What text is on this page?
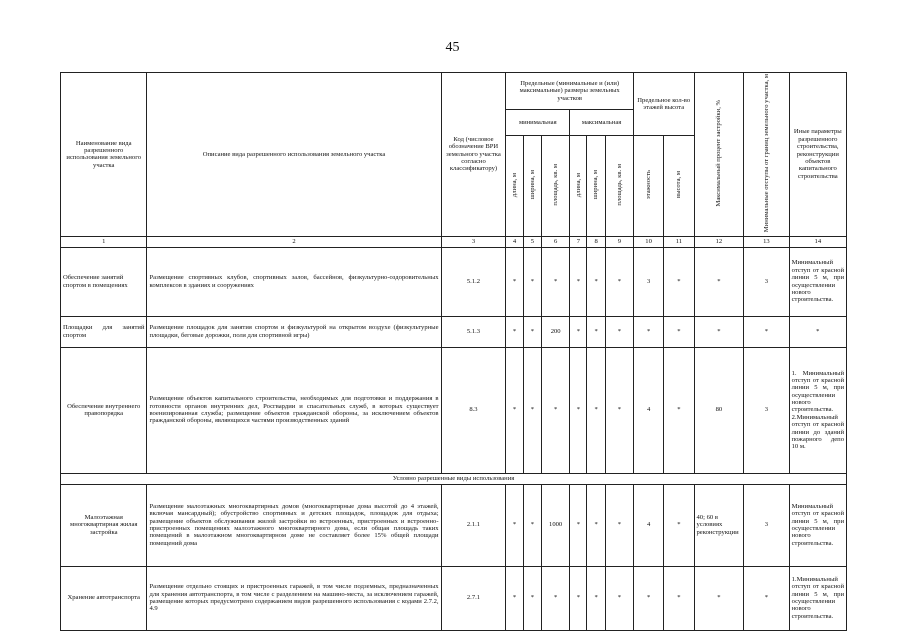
45
Наименование вида разрешенного использования земельного участка	Описание вида разрешенного использования земельного участка	Код (числовое обозначение ВРИ земельного участка согласно классификатору)	Предельные (минимальные и (или) максимальные) размеры земельных участков						Предельное кол-во этажей высота		Максимальный процент застройки, %	Минимальные отступы от границ земельного участка, м	Иные параметры разрешенного строительства, реконструкции объектов капитального строительства

			минимальная			максимальная							
			длина, м	ширина, м	площадь, кв. м	длина, м	ширина, м	площадь, кв. м	этажность	высота, м			
1	2	3	4	5	6	7	8	9	10	11	12	13	14
Обеспечение занятий спортом в помещениях	Размещение спортивных клубов, спортивных залов, бассейнов, физкультурно-оздоровительных комплексов в зданиях и сооружениях	5.1.2	*	*	*	*	*	*	3	*	*	3	Минимальный отступ от красной линии 5 м, при осуществлении нового строительства.
Площадки для занятий спортом	Размещение площадок для занятия спортом и физкультурой на открытом воздухе (физкультурные площадки, беговые дорожки, поля для спортивной игры)	5.1.3	*	*	200	*	*	*	*	*	*	*	*
Обеспечение внутреннего правопорядка	Размещение объектов капитального строительства, необходимых для подготовки и поддержания в готовности органов внутренних дел, Росгвардии и спасательных служб, в которых существует военизированная служба; размещение объектов гражданской обороны, за исключением объектов гражданской обороны, являющихся частями производственных зданий	8.3	*	*	*	*	*	*	4	*	80	3	1. Минимальный отступ от красной линии 5 м, при осуществлении нового строительства. 2.Минимальный отступ от красной линии до зданий пожарного депо 10 м.
Условно разрешенные виды использования													
Малоэтажная многоквартирная жилая застройка	Размещение малоэтажных многоквартирных домов (многоквартирные дома высотой до 4 этажей, включая мансардный); обустройство спортивных и детских площадок, площадок для отдыха; размещение объектов обслуживания жилой застройки во встроенных, пристроенных и встроенно-пристроенных помещениях малоэтажного многоквартирного дома, если общая площадь таких помещений в малоэтажном многоквартирном доме не составляет более 15% общей площади помещений дома	2.1.1	*	*	1000	*	*	*	4	*	40; 60 в условиях реконструкции	3	Минимальный отступ от красной линии 5 м, при осуществлении нового строительства.
Хранение автотранспорта	Размещение отдельно стоящих и пристроенных гаражей, в том числе подземных, предназначенных для хранения автотранспорта, в том числе с разделением на машино-места, за исключением гаражей, размещение которых предусмотрено содержанием видов разрешенного использования с кодами 2.7.2, 4.9	2.7.1	*	*	*	*	*	*	*	*	*	*	1.Минимальный отступ от красной линии 5 м, при осуществлении нового строительства.
